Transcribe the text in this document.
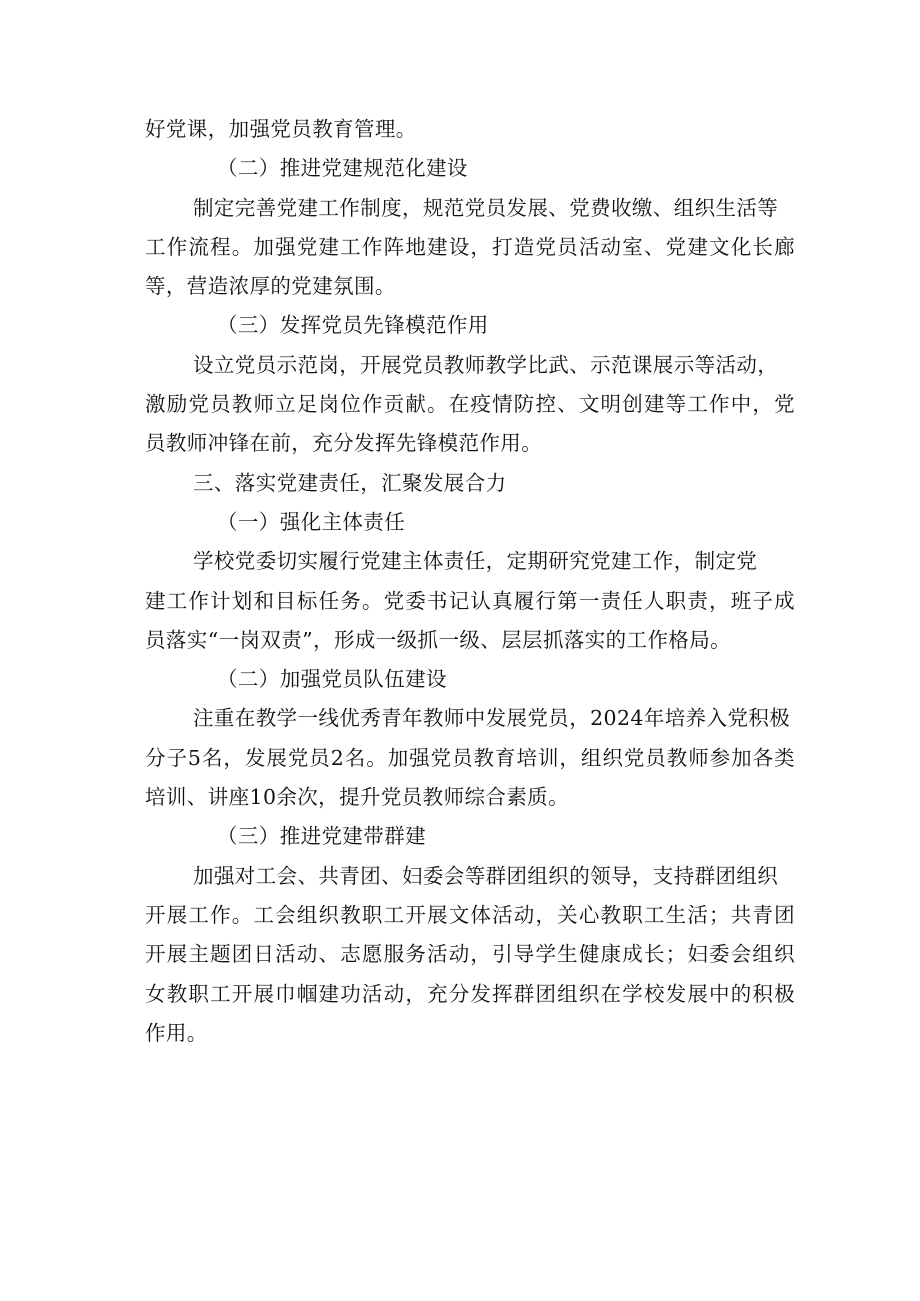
好党课，加强党员教育管理。
（二）推进党建规范化建设
制定完善党建工作制度，规范党员发展、党费收缴、组织生活等
工作流程。加强党建工作阵地建设，打造党员活动室、党建文化长廊
等，营造浓厚的党建氛围。
（三）发挥党员先锋模范作用
设立党员示范岗，开展党员教师教学比武、示范课展示等活动，
激励党员教师立足岗位作贡献。在疫情防控、文明创建等工作中，党
员教师冲锋在前，充分发挥先锋模范作用。
三、落实党建责任，汇聚发展合力
（一）强化主体责任
学校党委切实履行党建主体责任，定期研究党建工作，制定党
建工作计划和目标任务。党委书记认真履行第一责任人职责，班子成
员落实“一岗双责”，形成一级抓一级、层层抓落实的工作格局。
（二）加强党员队伍建设
注重在教学一线优秀青年教师中发展党员，2024年培养入党积极
分子5名，发展党员2名。加强党员教育培训，组织党员教师参加各类
培训、讲座10余次，提升党员教师综合素质。
（三）推进党建带群建
加强对工会、共青团、妇委会等群团组织的领导，支持群团组织
开展工作。工会组织教职工开展文体活动，关心教职工生活；共青团
开展主题团日活动、志愿服务活动，引导学生健康成长；妇委会组织
女教职工开展巾帼建功活动，充分发挥群团组织在学校发展中的积极
作用。
